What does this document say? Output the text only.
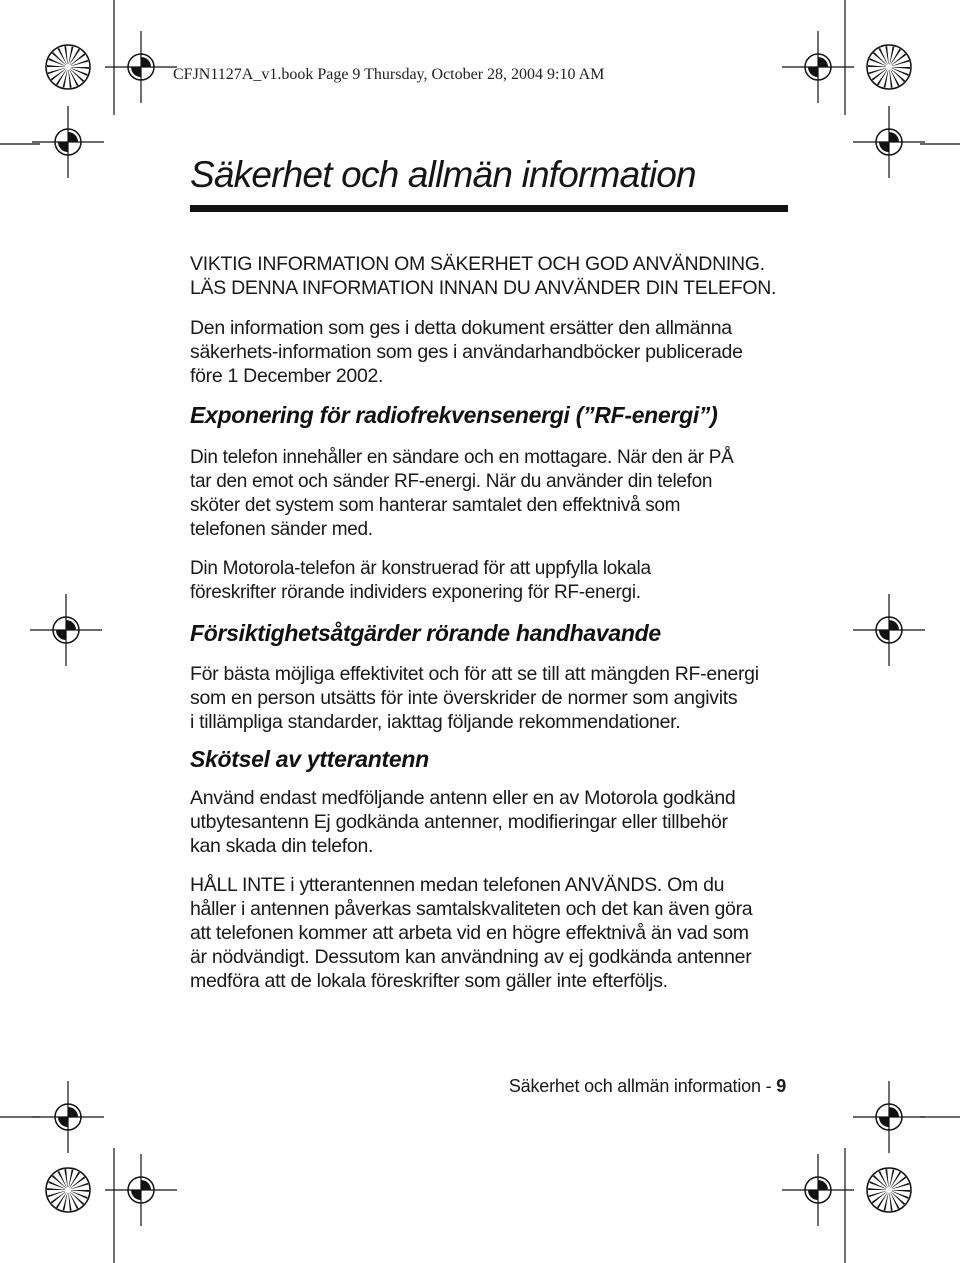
CFJN1127A_v1.book Page 9 Thursday, October 28, 2004 9:10 AM

Säkerhet och allmän information

VIKTIG INFORMATION OM SÄKERHET OCH GOD ANVÄNDNING.
LÄS DENNA INFORMATION INNAN DU ANVÄNDER DIN TELEFON.

Den information som ges i detta dokument ersätter den allmänna
säkerhets-information som ges i användarhandböcker publicerade
före 1 December 2002.

Exponering för radiofrekvensenergi (”RF-energi”)

Din telefon innehåller en sändare och en mottagare. När den är PÅ
tar den emot och sänder RF-energi. När du använder din telefon
sköter det system som hanterar samtalet den effektnivå som
telefonen sänder med.

Din Motorola-telefon är konstruerad för att uppfylla lokala
föreskrifter rörande individers exponering för RF-energi.

Försiktighetsåtgärder rörande handhavande

För bästa möjliga effektivitet och för att se till att mängden RF-energi
som en person utsätts för inte överskrider de normer som angivits
i tillämpliga standarder, iakttag följande rekommendationer.

Skötsel av ytterantenn

Använd endast medföljande antenn eller en av Motorola godkänd
utbytesantenn Ej godkända antenner, modifieringar eller tillbehör
kan skada din telefon.

HÅLL INTE i ytterantennen medan telefonen ANVÄNDS. Om du
håller i antennen påverkas samtalskvaliteten och det kan även göra
att telefonen kommer att arbeta vid en högre effektnivå än vad som
är nödvändigt. Dessutom kan användning av ej godkända antenner
medföra att de lokala föreskrifter som gäller inte efterföljs.

Säkerhet och allmän information - 9
